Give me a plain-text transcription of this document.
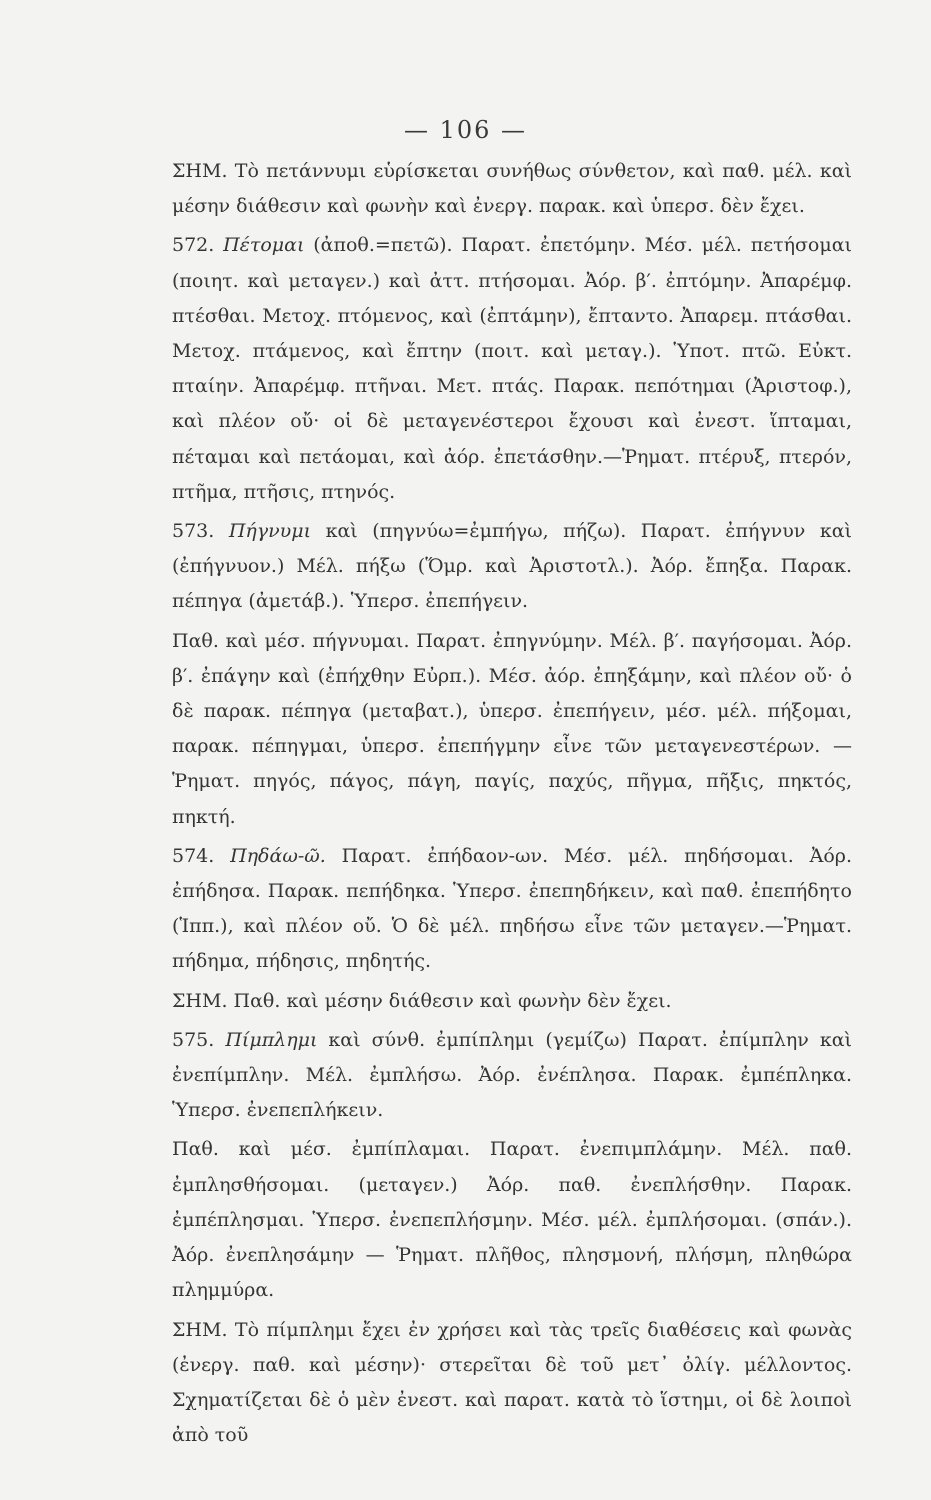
— 106 —

ΣΗΜ. Τὸ πετάννυμι εὑρίσκεται συνήθως σύνθετον, καὶ παθ. μέλ. καὶ μέσην διάθεσιν καὶ φωνὴν καὶ ἐνεργ. παρακ. καὶ ὑπερσ. δὲν ἔχει.

572. Πέτομαι (ἀποθ.=πετῶ). Παρατ. ἐπετόμην. Μέσ. μέλ. πετήσομαι (ποιητ. καὶ μεταγεν.) καὶ ἀττ. πτήσομαι. Ἀόρ. β′. ἐπτόμην. Ἀπαρέμφ. πτέσθαι. Μετοχ. πτόμενος, καὶ (ἐπτάμην), ἔπταντο. Ἀπαρεμ. πτάσθαι. Μετοχ. πτάμενος, καὶ ἔπτην (ποιτ. καὶ μεταγ.). Ὑποτ. πτῶ. Εὐκτ. πταίην. Ἀπαρέμφ. πτῆναι. Μετ. πτάς. Παρακ. πεπότημαι (Ἀριστοφ.), καὶ πλέον οὔ· οἱ δὲ μεταγενέστεροι ἔχουσι καὶ ἐνεστ. ἵπταμαι, πέταμαι καὶ πετάομαι, καὶ ἀόρ. ἐπετάσθην.—Ῥηματ. πτέρυξ, πτερόν, πτῆμα, πτῆσις, πτηνός.

573. Πήγνυμι καὶ (πηγνύω=ἐμπήγω, πήζω). Παρατ. ἐπήγνυν καὶ (ἐπήγνυον.) Μέλ. πήξω (Ὅμρ. καὶ Ἀριστοτλ.). Ἀόρ. ἔπηξα. Παρακ. πέπηγα (ἀμετάβ.). Ὑπερσ. ἐπεπήγειν.

Παθ. καὶ μέσ. πήγνυμαι. Παρατ. ἐπηγνύμην. Μέλ. β′. παγήσομαι. Ἀόρ. β′. ἐπάγην καὶ (ἐπήχθην Εὐρπ.). Μέσ. ἀόρ. ἐπηξάμην, καὶ πλέον οὔ· ὁ δὲ παρακ. πέπηγα (μεταβατ.), ὑπερσ. ἐπεπήγειν, μέσ. μέλ. πήξομαι, παρακ. πέπηγμαι, ὑπερσ. ἐπεπήγμην εἶνε τῶν μεταγενεστέρων. — Ῥηματ. πηγός, πάγος, πάγη, παγίς, παχύς, πῆγμα, πῆξις, πηκτός, πηκτή.

574. Πηδάω-ῶ. Παρατ. ἐπήδαον-ων. Μέσ. μέλ. πηδήσομαι. Ἀόρ. ἐπήδησα. Παρακ. πεπήδηκα. Ὑπερσ. ἐπεπηδήκειν, καὶ παθ. ἐπεπήδητο (Ἱππ.), καὶ πλέον οὔ. Ὁ δὲ μέλ. πηδήσω εἶνε τῶν μεταγεν.—Ῥηματ. πήδημα, πήδησις, πηδητής.

ΣΗΜ. Παθ. καὶ μέσην διάθεσιν καὶ φωνὴν δὲν ἔχει.

575. Πίμπλημι καὶ σύνθ. ἐμπίπλημι (γεμίζω) Παρατ. ἐπίμπλην καὶ ἐνεπίμπλην. Μέλ. ἐμπλήσω. Ἀόρ. ἐνέπλησα. Παρακ. ἐμπέπληκα. Ὑπερσ. ἐνεπεπλήκειν.

Παθ. καὶ μέσ. ἐμπίπλαμαι. Παρατ. ἐνεπιμπλάμην. Μέλ. παθ. ἐμπλησθήσομαι. (μεταγεν.) Ἀόρ. παθ. ἐνεπλήσθην. Παρακ. ἐμπέπλησμαι. Ὑπερσ. ἐνεπεπλήσμην. Μέσ. μέλ. ἐμπλήσομαι. (σπάν.). Ἀόρ. ἐνεπλησάμην — Ῥηματ. πλῆθος, πλησμονή, πλήσμη, πληθώρα πλημμύρα.

ΣΗΜ. Τὸ πίμπλημι ἔχει ἐν χρήσει καὶ τὰς τρεῖς διαθέσεις καὶ φωνὰς (ἐνεργ. παθ. καὶ μέσην)· στερεῖται δὲ τοῦ μετ᾽ ὀλίγ. μέλλοντος. Σχηματίζεται δὲ ὁ μὲν ἐνεστ. καὶ παρατ. κατὰ τὸ ἵστημι, οἱ δὲ λοιποὶ ἀπὸ τοῦ
